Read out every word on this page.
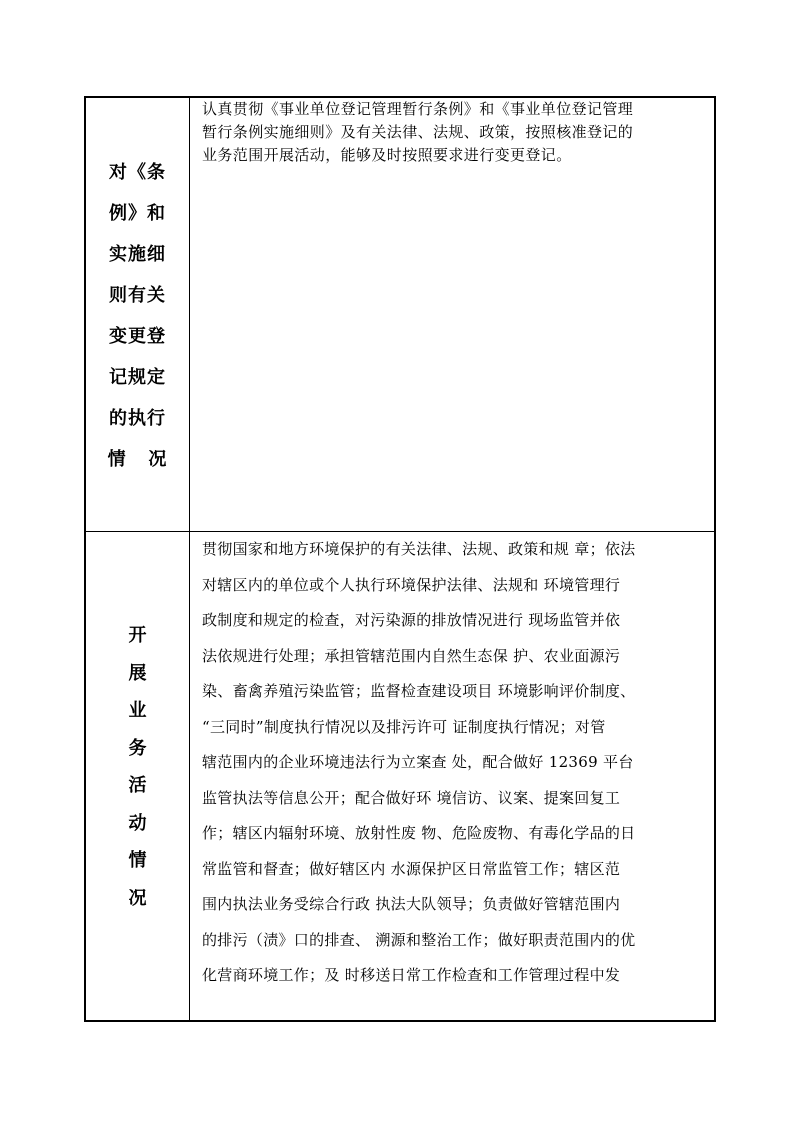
对《条
例》和
实施细
则有关
变更登
记规定
的执行
情   况
认真贯彻《事业单位登记管理暂行条例》和《事业单位登记管理
暂行条例实施细则》及有关法律、法规、政策，按照核准登记的
业务范围开展活动，能够及时按照要求进行变更登记。
开
展
业
务
活
动
情
况
贯彻国家和地方环境保护的有关法律、法规、政策和规 章；依法
对辖区内的单位或个人执行环境保护法律、法规和 环境管理行
政制度和规定的检查，对污染源的排放情况进行 现场监管并依
法依规进行处理；承担管辖范围内自然生态保 护、农业面源污
染、畜禽养殖污染监管；监督检查建设项目 环境影响评价制度、
“三同时”制度执行情况以及排污许可 证制度执行情况；对管
辖范围内的企业环境违法行为立案查 处，配合做好 12369 平台
监管执法等信息公开；配合做好环 境信访、议案、提案回复工
作；辖区内辐射环境、放射性废 物、危险废物、有毒化学品的日
常监管和督查；做好辖区内 水源保护区日常监管工作；辖区范
围内执法业务受综合行政 执法大队领导；负责做好管辖范围内
的排污（渍》口的排查、 溯源和整治工作；做好职责范围内的优
化营商环境工作；及 时移送日常工作检查和工作管理过程中发
